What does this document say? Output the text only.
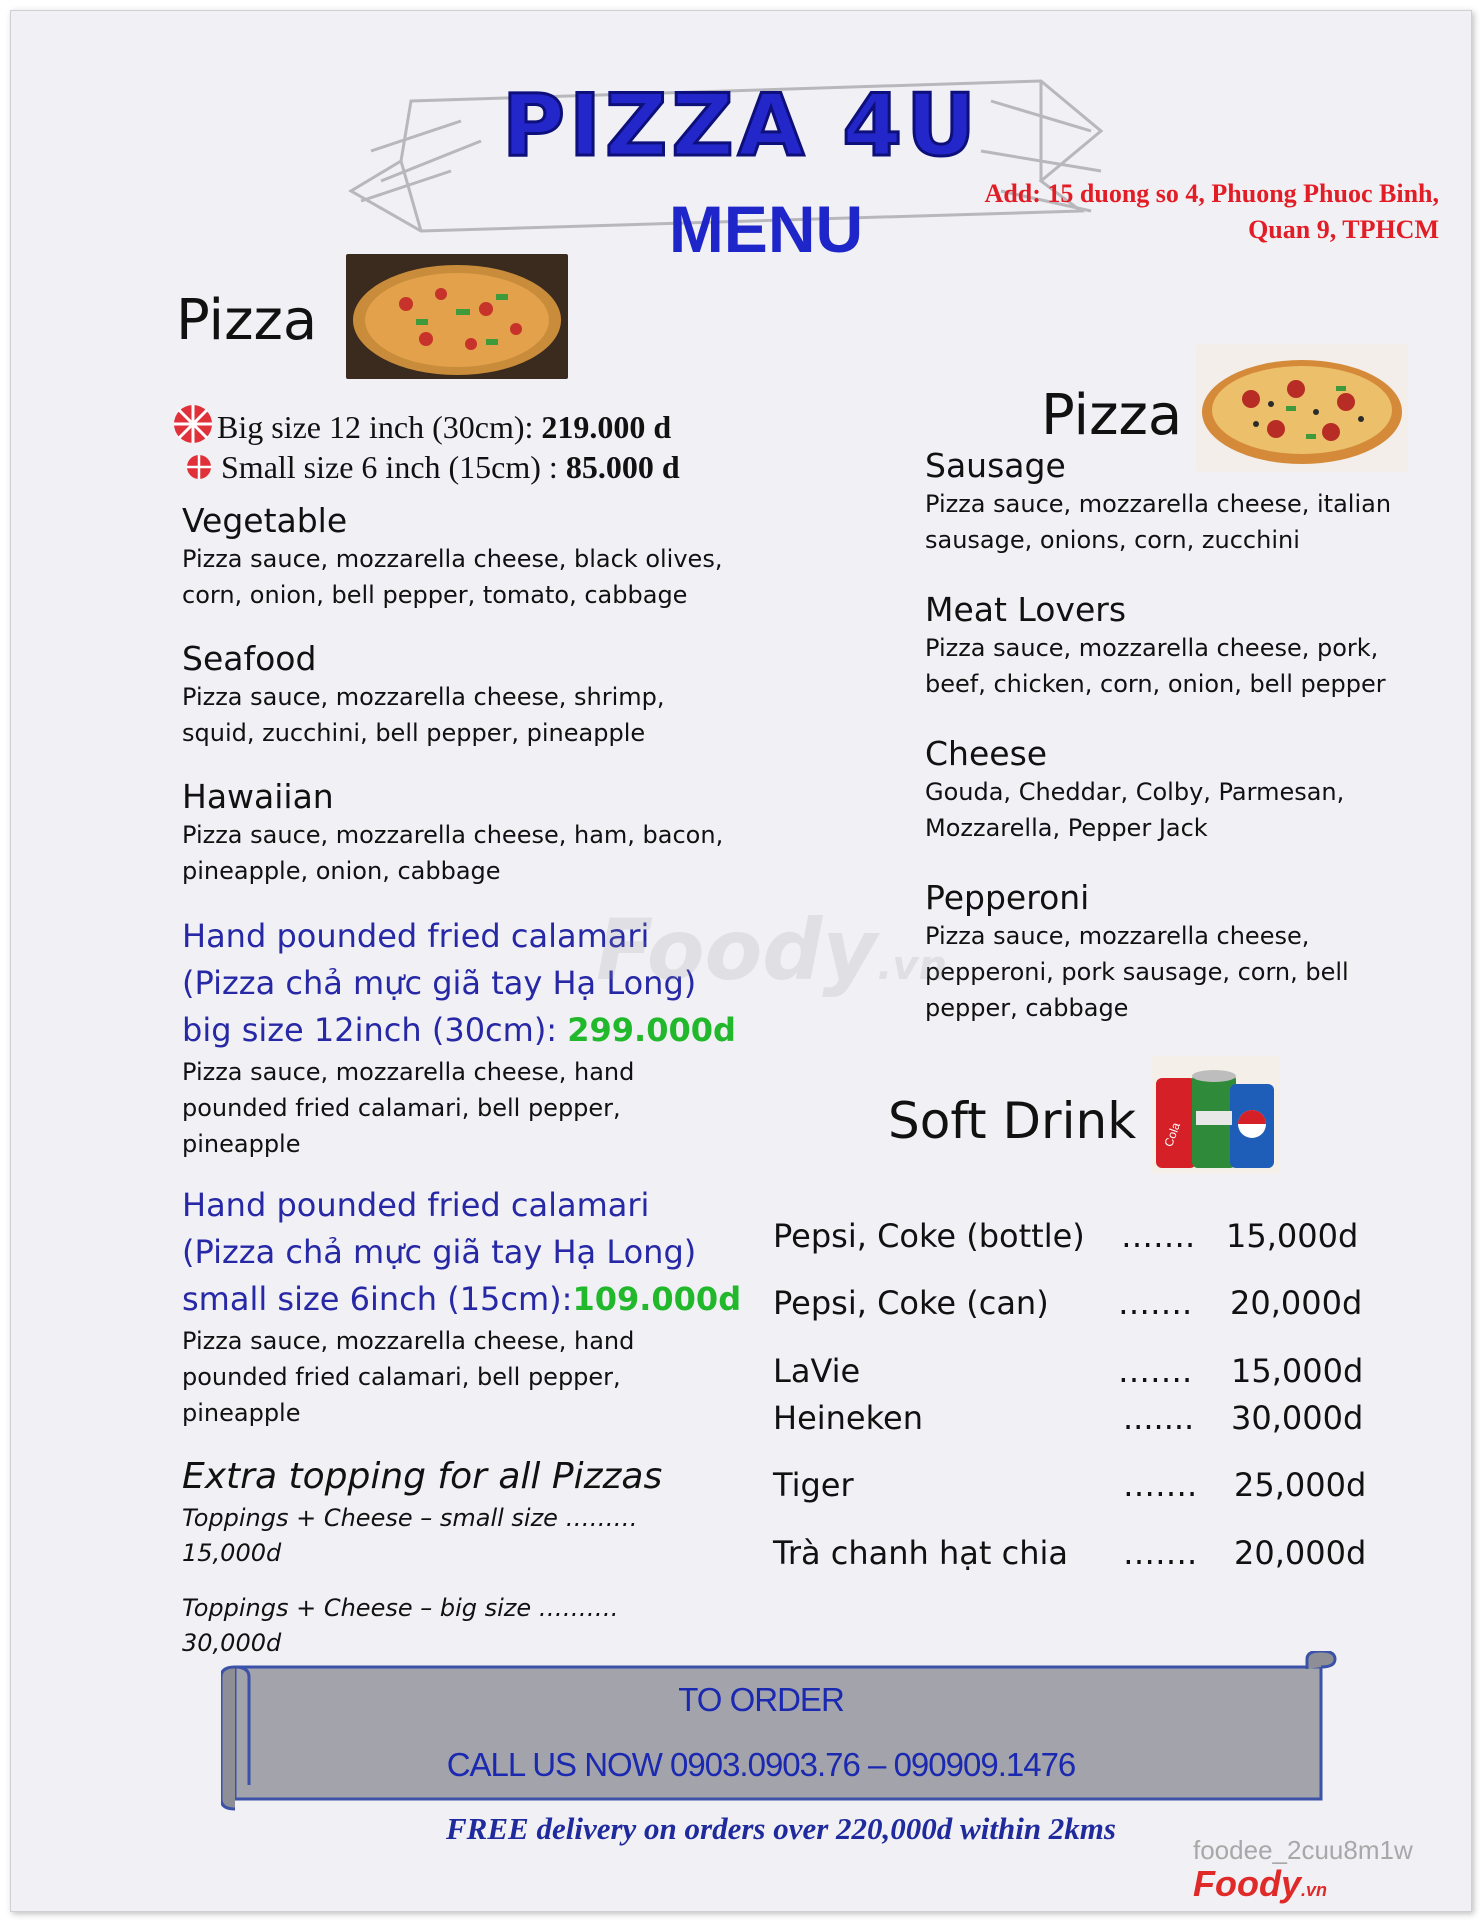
PIZZA 4U
MENU	Add: 15 duong so 4, Phuong Phuoc Binh,
Quan 9, TPHCM
Pizza
Big size 12 inch (30cm): 219.000 d
Small size 6 inch (15cm) : 85.000 d
Vegetable
Pizza sauce, mozzarella cheese, black olives, corn, onion, bell pepper, tomato, cabbage
Seafood
Pizza sauce, mozzarella cheese, shrimp, squid, zucchini, bell pepper, pineapple
Hawaiian
Pizza sauce, mozzarella cheese, ham, bacon, pineapple, onion, cabbage
Hand pounded fried calamari
(Pizza chả mực giã tay Hạ Long)
big size 12inch (30cm): 299.000d
Pizza sauce, mozzarella cheese, hand pounded fried calamari, bell pepper, pineapple
Hand pounded fried calamari
(Pizza chả mực giã tay Hạ Long)
small size 6inch (15cm):109.000d
Pizza sauce, mozzarella cheese, hand pounded fried calamari, bell pepper, pineapple
Extra topping for all Pizzas
Toppings + Cheese – small size ………
15,000d
Toppings + Cheese – big size ……….
30,000d
Pizza
Sausage
Pizza sauce, mozzarella cheese, italian sausage, onions, corn, zucchini
Meat Lovers
Pizza sauce, mozzarella cheese, pork, beef, chicken, corn, onion, bell pepper
Cheese
Gouda, Cheddar, Colby, Parmesan, Mozzarella, Pepper Jack
Pepperoni
Pizza sauce, mozzarella cheese, pepperoni, pork sausage, corn, bell pepper, cabbage
Soft Drink Cola
Pepsi, Coke (bottle) ……. 15,000d
Pepsi, Coke (can) ……. 20,000d
LaVie	……. 15,000d
Heineken	....... 30,000d
Tiger	……. 25,000d
Trà chanh hạt chia ……. 20,000d
Foody.vn
TO ORDER
CALL US NOW 0903.0903.76 – 090909.1476
FREE delivery on orders over 220,000d within 2kms
foodee_2cuu8m1w
Foody.vn
